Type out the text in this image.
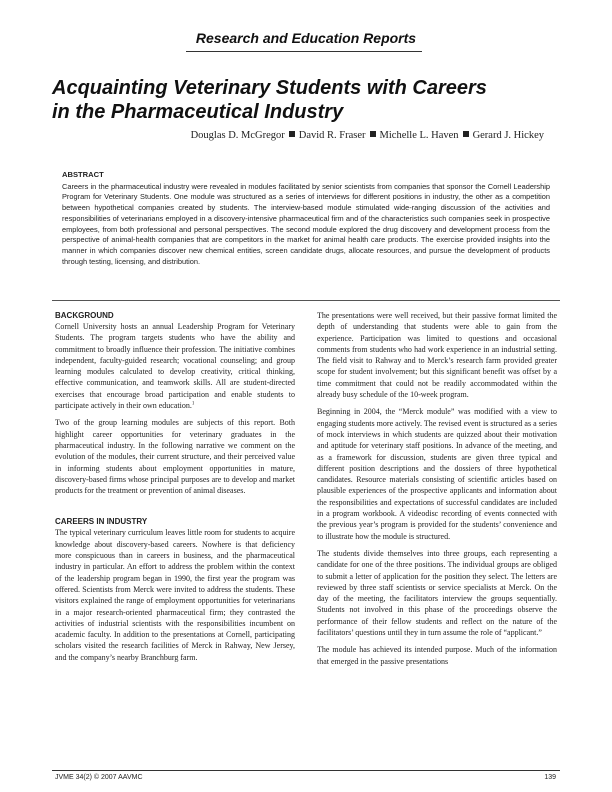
Research and Education Reports
Acquainting Veterinary Students with Careers
in the Pharmaceutical Industry
Douglas D. McGregor David R. Fraser Michelle L. Haven Gerard J. Hickey
ABSTRACT
Careers in the pharmaceutical industry were revealed in modules facilitated by senior scientists from companies that sponsor the Cornell Leadership Program for Veterinary Students. One module was structured as a series of interviews for different positions in industry, the other as a competition between hypothetical companies created by students. The interview-based module stimulated wide-ranging discussion of the activities and responsibilities of veterinarians employed in a discovery-intensive pharmaceutical firm and of the characteristics such companies seek in prospective employees, from both professional and personal perspectives. The second module explored the drug discovery and development process from the perspective of animal-health companies that are competitors in the market for animal health care products. The exercise provided insights into the manner in which companies discover new chemical entities, screen candidate drugs, allocate resources, and pursue the development of products through testing, licensing, and distribution.
BACKGROUND

Cornell University hosts an annual Leadership Program for Veterinary Students. The program targets students who have the ability and commitment to broadly influence their profession. The initiative combines independent, faculty-guided research; vocational counseling; and group learning modules calculated to develop creativity, critical thinking, effective communication, and teamwork skills. All are student-directed exercises that encourage broad participation and enable students to participate actively in their own education.$^1$

Two of the group learning modules are subjects of this report. Both highlight career opportunities for veterinary graduates in the pharmaceutical industry. In the following narrative we comment on the evolution of the modules, their current structure, and their perceived value in informing students about employment opportunities in mature, discovery-based firms whose principal purposes are to develop and market products for the treatment or prevention of animal diseases.

CAREERS IN INDUSTRY

The typical veterinary curriculum leaves little room for students to acquire knowledge about discovery-based careers. Nowhere is that deficiency more conspicuous than in careers in business, and the pharmaceutical industry in particular. An effort to address the problem within the context of the leadership program began in 1990, the first year the program was offered. Scientists from Merck were invited to address the students. These visitors explained the range of employment opportunities for veterinarians in a major research-oriented pharmaceutical firm; they contrasted the activities of industrial scientists with the responsibilities incumbent on academic faculty. In addition to the presentations at Cornell, participating scholars visited the research facilities of Merck in Rahway, New Jersey, and the company’s nearby Branchburg farm.

The presentations were well received, but their passive format limited the depth of understanding that students were able to gain from the experience. Participation was limited to questions and occasional comments from students who had work experience in an industrial setting. The field visit to Rahway and to Merck’s research farm provided greater scope for student involvement; but this significant benefit was offset by a time commitment that could not be readily accommodated within the already busy schedule of the 10-week program.

Beginning in 2004, the “Merck module” was modified with a view to engaging students more actively. The revised event is structured as a series of mock interviews in which students are quizzed about their motivation and aptitude for veterinary staff positions. In advance of the meeting, and as a framework for discussion, students are given three typical and different position descriptions and the dossiers of three hypothetical candidates. Resource materials consisting of scientific articles based on plausible experiences of the prospective applicants and information about the responsibilities and expectations of successful candidates are included in a program workbook. A videodisc recording of events connected with the previous year’s program is provided for the students’ convenience and to illustrate how the module is structured.

The students divide themselves into three groups, each representing a candidate for one of the three positions. The individual groups are obliged to submit a letter of application for the position they select. The letters are reviewed by three staff scientists or service specialists at Merck. On the day of the meeting, the facilitators interview the groups sequentially. Students not involved in this phase of the proceedings observe the performance of their fellow students and reflect on the nature of the facilitators’ questions until they in turn assume the role of “applicant.”

The module has achieved its intended purpose. Much of the information that emerged in the passive presentations

JVME 34(2) © 2007 AAVMC	139
